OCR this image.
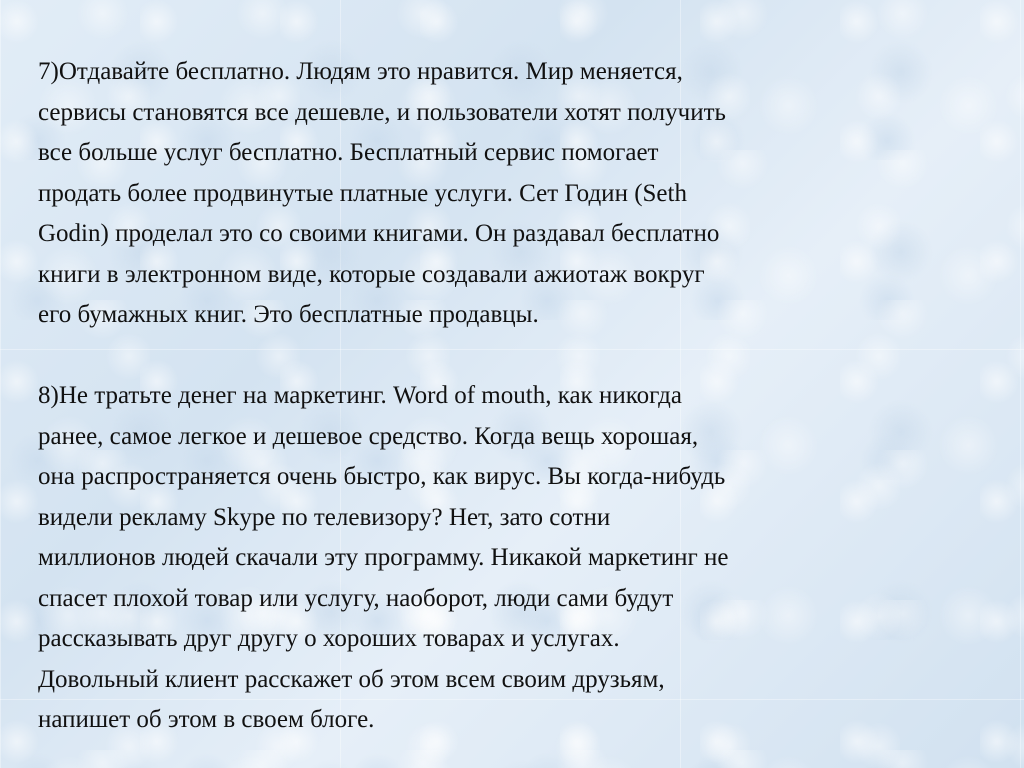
7)Отдавайте бесплатно. Людям это нравится. Мир меняется,
сервисы становятся все дешевле, и пользователи хотят получить
все больше услуг бесплатно. Бесплатный сервис помогает
продать более продвинутые платные услуги. Сет Годин (Seth
Godin) проделал это со своими книгами. Он раздавал бесплатно
книги в электронном виде, которые создавали ажиотаж вокруг
его бумажных книг. Это бесплатные продавцы.

8)Не тратьте денег на маркетинг. Word of mouth, как никогда
ранее, самое легкое и дешевое средство. Когда вещь хорошая,
она распространяется очень быстро, как вирус. Вы когда-нибудь
видели рекламу Skype по телевизору? Нет, зато сотни
миллионов людей скачали эту программу. Никакой маркетинг не
спасет плохой товар или услугу, наоборот, люди сами будут
рассказывать друг другу о хороших товарах и услугах.
Довольный клиент расскажет об этом всем своим друзьям,
напишет об этом в своем блоге.
